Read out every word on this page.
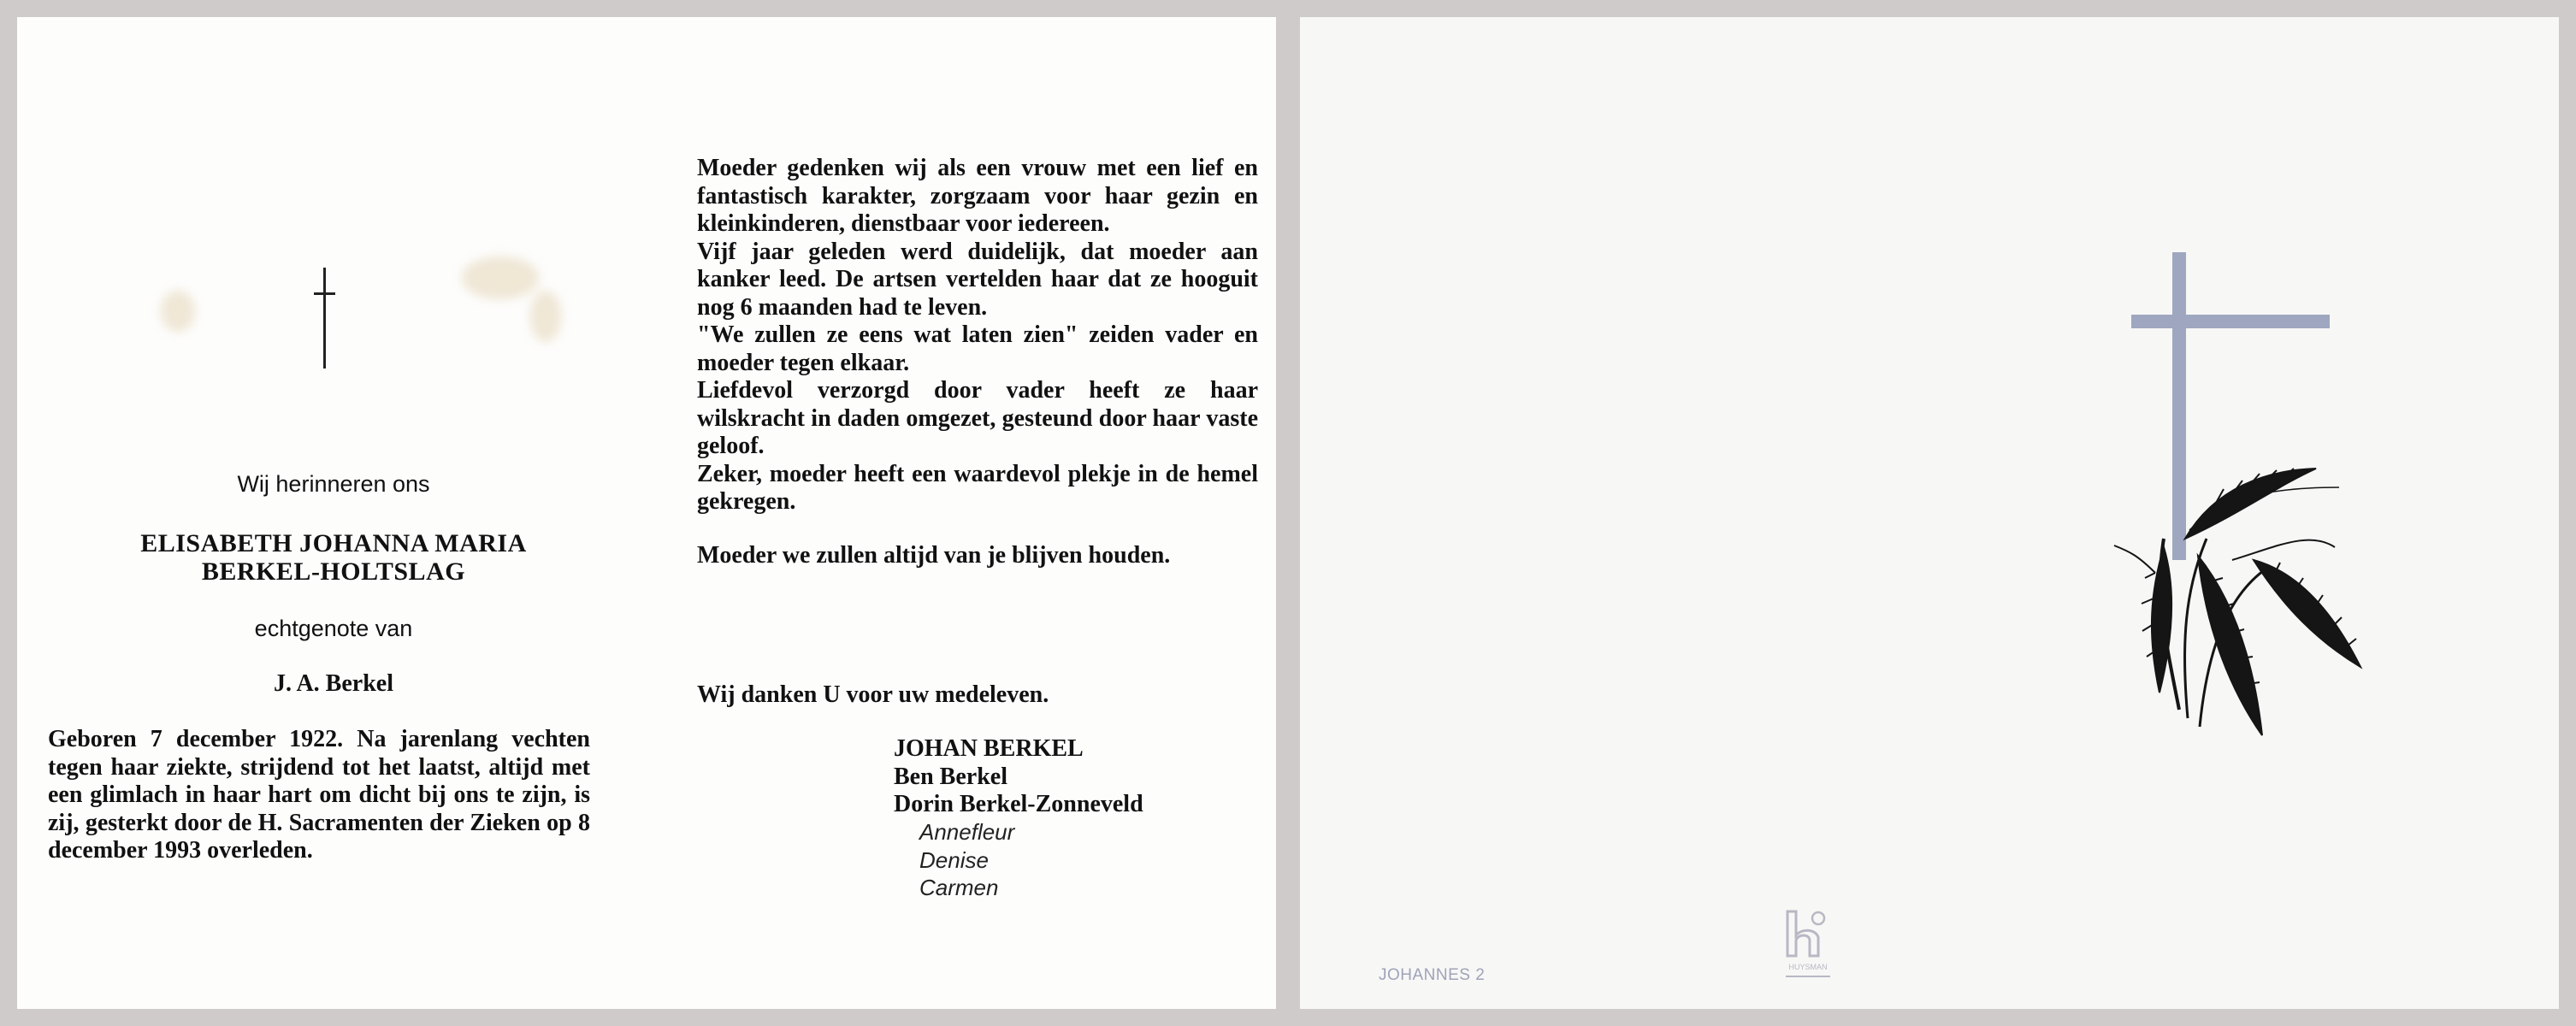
Wij herinneren ons
ELISABETH JOHANNA MARIA
BERKEL-HOLTSLAG
echtgenote van
J. A. Berkel
Geboren 7 december 1922. Na jarenlang vechten tegen haar ziekte, strijdend tot het laatst, altijd met een glimlach in haar hart om dicht bij ons te zijn, is zij, gesterkt door de H. Sacramenten der Zieken op 8 december 1993 overleden.

Moeder gedenken wij als een vrouw met een lief en fantastisch karakter, zorgzaam voor haar gezin en kleinkinderen, dienstbaar voor iedereen.

Vijf jaar geleden werd duidelijk, dat moeder aan kanker leed. De artsen vertelden haar dat ze hooguit nog 6 maanden had te leven.

"We zullen ze eens wat laten zien" zeiden vader en moeder tegen elkaar.

Liefdevol verzorgd door vader heeft ze haar wilskracht in daden omgezet, gesteund door haar vaste geloof.

Zeker, moeder heeft een waardevol plekje in de hemel gekregen.

Moeder we zullen altijd van je blijven houden.

Wij danken U voor uw medeleven.
JOHAN BERKEL
Ben Berkel
Dorin Berkel-Zonneveld
Annefleur
Denise
Carmen
JOHANNES 2	HUYSMAN
